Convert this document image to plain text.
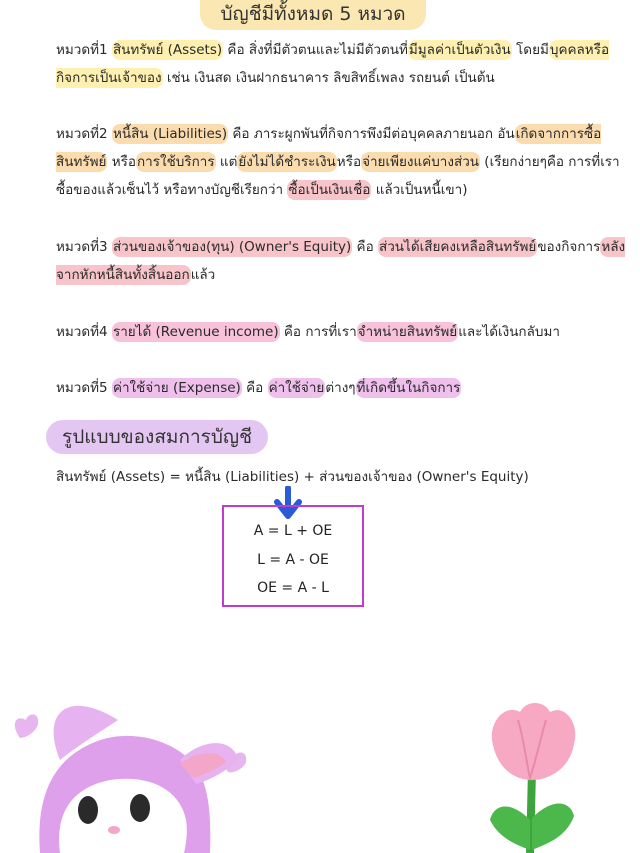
บัญชีมีทั้งหมด 5 หมวด
หมวดที่1 สินทรัพย์ (Assets) คือ สิ่งที่มีตัวตนและไม่มีตัวตนที่มีมูลค่าเป็นตัวเงิน โดยมีบุคคลหรือกิจการเป็นเจ้าของ เช่น เงินสด เงินฝากธนาคาร ลิขสิทธิ์เพลง รถยนต์ เป็นต้น
หมวดที่2 หนี้สิน (Liabilities) คือ ภาระผูกพันที่กิจการพึงมีต่อบุคคลภายนอก อันเกิดจากการซื้อสินทรัพย์ หรือการใช้บริการ แต่ยังไม่ได้ชำระเงินหรือจ่ายเพียงแค่บางส่วน (เรียกง่ายๆคือ การที่เราซื้อของแล้วเซ็นไว้ หรือทางบัญชีเรียกว่า ซื้อเป็นเงินเชื่อ แล้วเป็นหนี้เขา)
หมวดที่3 ส่วนของเจ้าของ(ทุน) (Owner's Equity) คือ ส่วนได้เสียคงเหลือสินทรัพย์ของกิจการหลังจากหักหนี้สินทั้งสิ้นออกแล้ว
หมวดที่4 รายได้ (Revenue income) คือ การที่เราจำหน่ายสินทรัพย์และได้เงินกลับมา
หมวดที่5 ค่าใช้จ่าย (Expense) คือ ค่าใช้จ่ายต่างๆที่เกิดขึ้นในกิจการ
รูปแบบของสมการบัญชี
สินทรัพย์ (Assets) = หนี้สิน (Liabilities) + ส่วนของเจ้าของ (Owner's Equity)
A = L + OE
L = A - OE
OE = A - L
